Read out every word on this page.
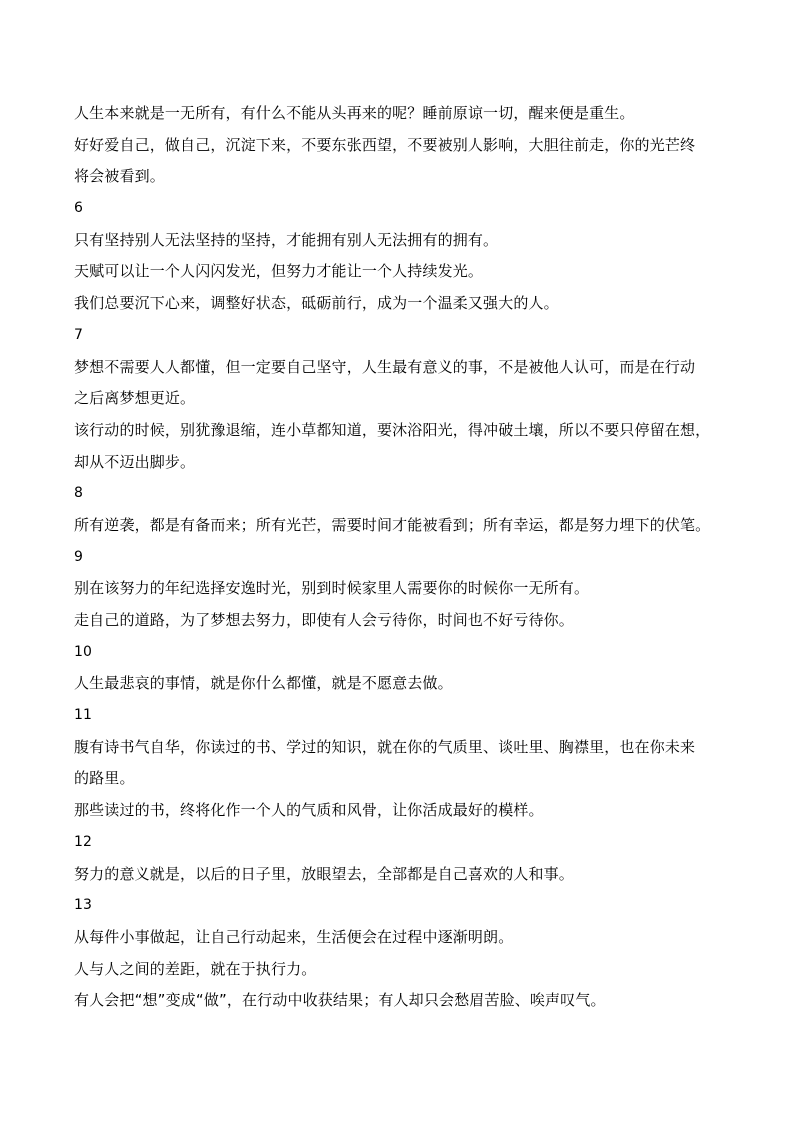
人生本来就是一无所有，有什么不能从头再来的呢？睡前原谅一切，醒来便是重生。
好好爱自己，做自己，沉淀下来，不要东张西望，不要被别人影响，大胆往前走，你的光芒终
将会被看到。
6
只有坚持别人无法坚持的坚持，才能拥有别人无法拥有的拥有。
天赋可以让一个人闪闪发光，但努力才能让一个人持续发光。
我们总要沉下心来，调整好状态，砥砺前行，成为一个温柔又强大的人。
7
梦想不需要人人都懂，但一定要自己坚守，人生最有意义的事，不是被他人认可，而是在行动
之后离梦想更近。
该行动的时候，别犹豫退缩，连小草都知道，要沐浴阳光，得冲破土壤，所以不要只停留在想，
却从不迈出脚步。
8
所有逆袭，都是有备而来；所有光芒，需要时间才能被看到；所有幸运，都是努力埋下的伏笔。
9
别在该努力的年纪选择安逸时光，别到时候家里人需要你的时候你一无所有。
走自己的道路，为了梦想去努力，即使有人会亏待你，时间也不好亏待你。
10
人生最悲哀的事情，就是你什么都懂，就是不愿意去做。
11
腹有诗书气自华，你读过的书、学过的知识，就在你的气质里、谈吐里、胸襟里，也在你未来
的路里。
那些读过的书，终将化作一个人的气质和风骨，让你活成最好的模样。
12
努力的意义就是，以后的日子里，放眼望去，全部都是自己喜欢的人和事。
13
从每件小事做起，让自己行动起来，生活便会在过程中逐渐明朗。
人与人之间的差距，就在于执行力。
有人会把“想”变成“做”，在行动中收获结果；有人却只会愁眉苦脸、唉声叹气。
